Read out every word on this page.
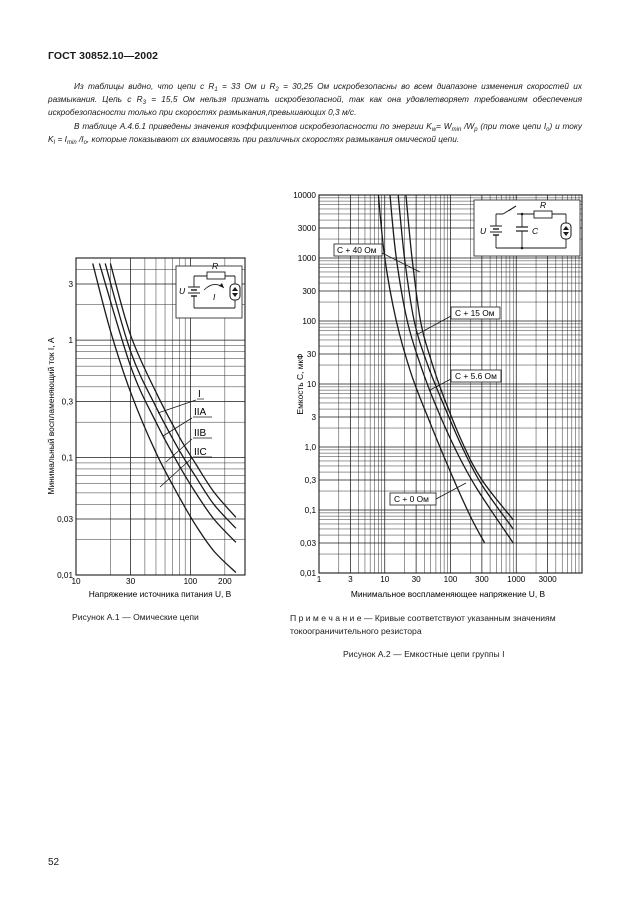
ГОСТ 30852.10—2002

Из таблицы видно, что цепи с $R_1 = 33$ Ом и $R_2 = 30,25$ Ом искробезопасны во всем диапазоне изменения скоростей их размыкания. Цепь с $R_3 = 15,5$ Ом нельзя признать искробезопасной, так как она удовлетворяет требованиям обеспечения искробезопасности только при скоростях размыкания,превышающих 0,3 м/с.

В таблице А.4.6.1 приведены значения коэффициентов искробезопасности по энергии $K_w= W_{min}$ $/W_p$ (при токе цепи $I_o$) и току $K_I = I_{min}$ $/I_o$, которые показывают их взаимосвязь при различных скоростях размыкания омической цепи.

10	30	100	200
0,01
0,03
0,1
0,3
1
3
I
IIA
IIB
IIC
R
U
I
Минимальный воспламеняющий ток I, А
Напряжение источника питания U, В
1	3	10	30	100 300 1000 3000
0,01
0,03
0,1
0,3
1,0
3
10
30
100
300
1000
3000
10000
C + 40 Ом
C + 15 Ом
C + 5.6 Ом
C + 0 Ом
R
U	C
Емкость C, мкФ
Минимальное воспламеняющее напряжение U, В
Рисунок А.1 — Омические цепи	П р и м е ч а н и е — Кривые соответствуют указанным значениям токоограничительного резистора
Рисунок А.2 — Емкостные цепи группы I
52
